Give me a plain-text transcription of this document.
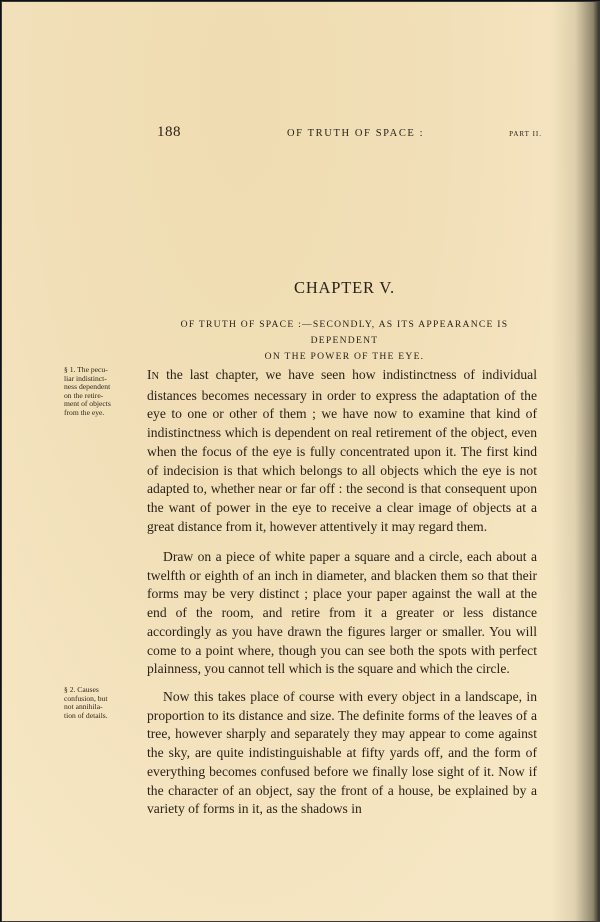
188	OF TRUTH OF SPACE :	PART II.
CHAPTER V.
OF TRUTH OF SPACE :—SECONDLY, AS ITS APPEARANCE IS DEPENDENT
ON THE POWER OF THE EYE.
§ 1. The pecu-
liar indistinct-
ness dependent
on the retire-
ment of objects
from the eye.
§ 2. Causes
confusion, but
not annihila-
tion of details.

IN the last chapter, we have seen how indistinctness of individual distances becomes necessary in order to express the adaptation of the eye to one or other of them ; we have now to examine that kind of indistinctness which is dependent on real retirement of the object, even when the focus of the eye is fully concentrated upon it. The first kind of indecision is that which belongs to all objects which the eye is not adapted to, whether near or far off : the second is that consequent upon the want of power in the eye to receive a clear image of objects at a great distance from it, however attentively it may regard them.

Draw on a piece of white paper a square and a circle, each about a twelfth or eighth of an inch in diameter, and blacken them so that their forms may be very distinct ; place your paper against the wall at the end of the room, and retire from it a greater or less distance accordingly as you have drawn the figures larger or smaller. You will come to a point where, though you can see both the spots with perfect plainness, you cannot tell which is the square and which the circle.

Now this takes place of course with every object in a landscape, in proportion to its distance and size. The definite forms of the leaves of a tree, however sharply and separately they may appear to come against the sky, are quite indistinguishable at fifty yards off, and the form of everything becomes confused before we finally lose sight of it. Now if the character of an object, say the front of a house, be explained by a variety of forms in it, as the shadows in
